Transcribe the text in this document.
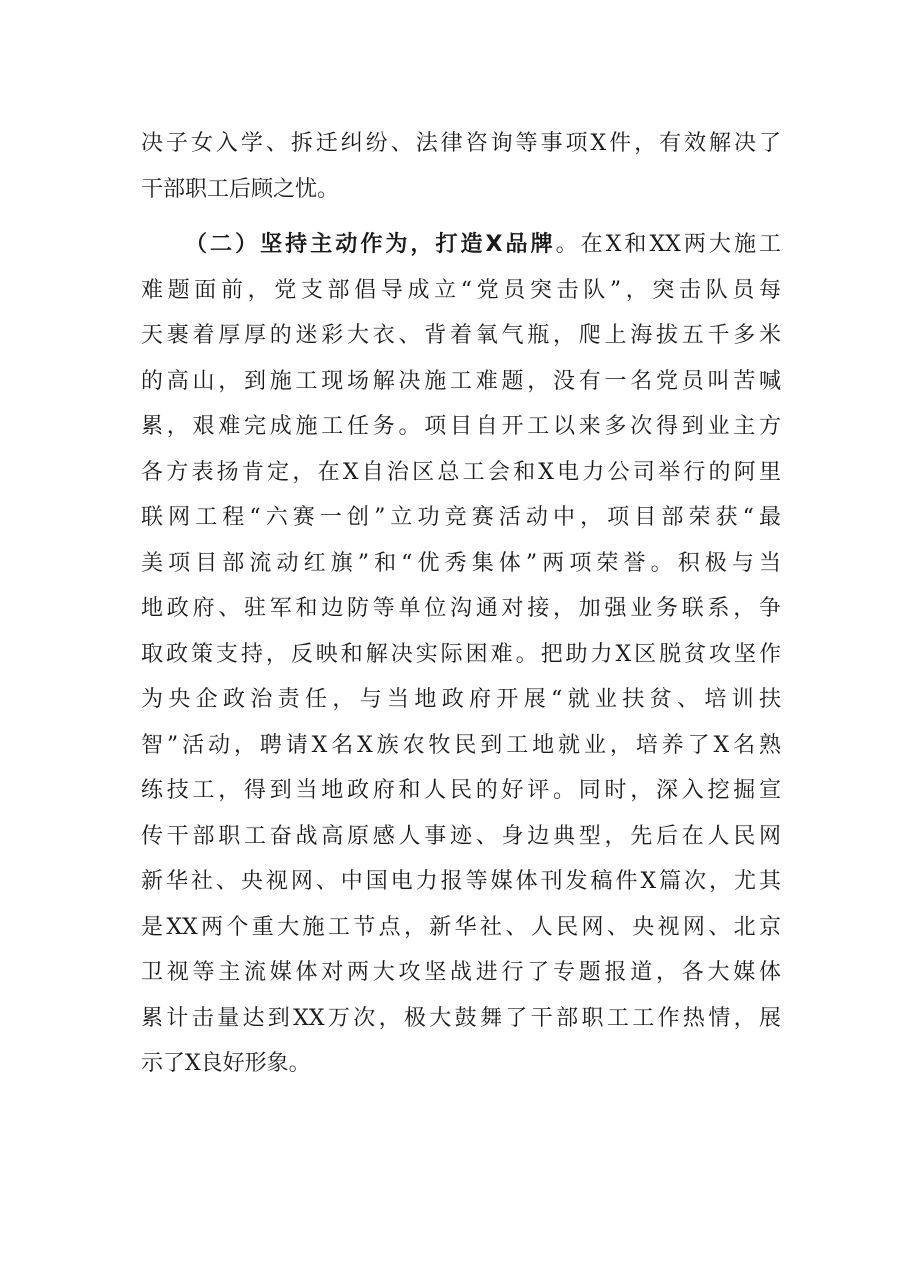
决子女入学、拆迁纠纷、法律咨询等事项X件，有效解决了
干部职工后顾之忧。
（二）坚持主动作为，打造X品牌。在X和XX两大施工
难题面前，党支部倡导成立“党员突击队”，突击队员每
天裹着厚厚的迷彩大衣、背着氧气瓶，爬上海拔五千多米
的高山，到施工现场解决施工难题，没有一名党员叫苦喊
累，艰难完成施工任务。项目自开工以来多次得到业主方
各方表扬肯定，在X自治区总工会和X电力公司举行的阿里
联网工程“六赛一创”立功竞赛活动中，项目部荣获“最
美项目部流动红旗”和“优秀集体”两项荣誉。积极与当
地政府、驻军和边防等单位沟通对接，加强业务联系，争
取政策支持，反映和解决实际困难。把助力X区脱贫攻坚作
为央企政治责任，与当地政府开展“就业扶贫、培训扶
智”活动，聘请X名X族农牧民到工地就业，培养了X名熟
练技工，得到当地政府和人民的好评。同时，深入挖掘宣
传干部职工奋战高原感人事迹、身边典型，先后在人民网
新华社、央视网、中国电力报等媒体刊发稿件X篇次，尤其
是XX两个重大施工节点，新华社、人民网、央视网、北京
卫视等主流媒体对两大攻坚战进行了专题报道，各大媒体
累计击量达到XX万次，极大鼓舞了干部职工工作热情，展
示了X良好形象。
